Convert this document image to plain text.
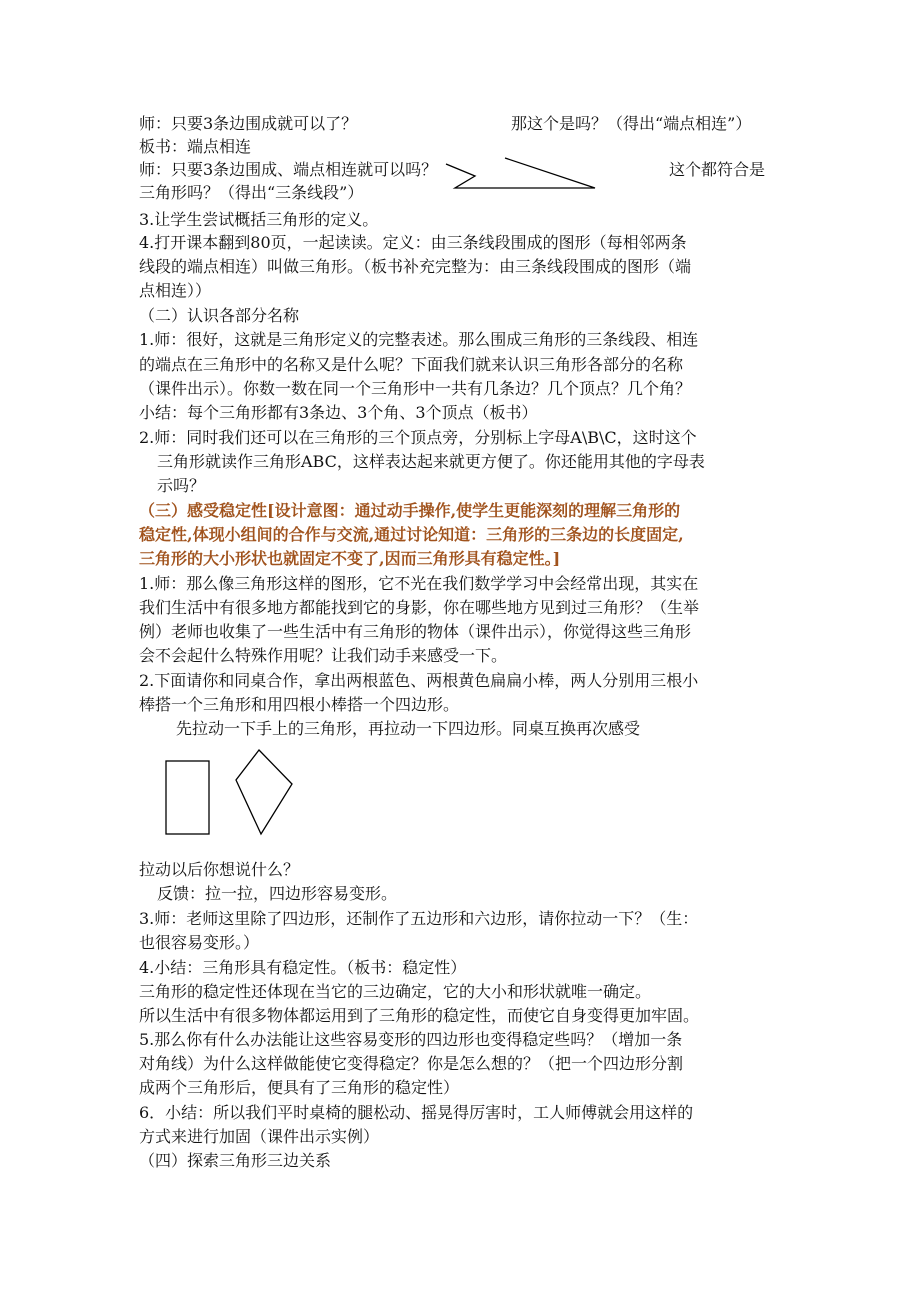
师：只要3条边围成就可以了？	那这个是吗？（得出“端点相连”）
板书：端点相连
师：只要3条边围成、端点相连就可以吗？	这个都符合是
三角形吗？（得出“三条线段”）
3.让学生尝试概括三角形的定义。
4.打开课本翻到80页，一起读读。定义：由三条线段围成的图形（每相邻两条
线段的端点相连）叫做三角形。（板书补充完整为：由三条线段围成的图形（端
点相连））
（二）认识各部分名称
1.师：很好，这就是三角形定义的完整表述。那么围成三角形的三条线段、相连
的端点在三角形中的名称又是什么呢？下面我们就来认识三角形各部分的名称
（课件出示）。你数一数在同一个三角形中一共有几条边？几个顶点？几个角？
小结：每个三角形都有3条边、3个角、3个顶点（板书）
2.师：同时我们还可以在三角形的三个顶点旁，分别标上字母A\B\C，这时这个
三角形就读作三角形ABC，这样表达起来就更方便了。你还能用其他的字母表
示吗？
（三）感受稳定性[设计意图：通过动手操作,使学生更能深刻的理解三角形的
稳定性,体现小组间的合作与交流,通过讨论知道：三角形的三条边的长度固定,
三角形的大小形状也就固定不变了,因而三角形具有稳定性。]
1.师：那么像三角形这样的图形，它不光在我们数学学习中会经常出现，其实在
我们生活中有很多地方都能找到它的身影，你在哪些地方见到过三角形？（生举
例）老师也收集了一些生活中有三角形的物体（课件出示），你觉得这些三角形
会不会起什么特殊作用呢？让我们动手来感受一下。
2.下面请你和同桌合作，拿出两根蓝色、两根黄色扁扁小棒，两人分别用三根小
棒搭一个三角形和用四根小棒搭一个四边形。
先拉动一下手上的三角形，再拉动一下四边形。同桌互换再次感受
拉动以后你想说什么？
反馈：拉一拉，四边形容易变形。
3.师：老师这里除了四边形，还制作了五边形和六边形，请你拉动一下？（生：
也很容易变形。）
4.小结：三角形具有稳定性。（板书：稳定性）
三角形的稳定性还体现在当它的三边确定，它的大小和形状就唯一确定。
所以生活中有很多物体都运用到了三角形的稳定性，而使它自身变得更加牢固。
5.那么你有什么办法能让这些容易变形的四边形也变得稳定些吗？（增加一条
对角线）为什么这样做能使它变得稳定？你是怎么想的？（把一个四边形分割
成两个三角形后，便具有了三角形的稳定性）
6．小结：所以我们平时桌椅的腿松动、摇晃得厉害时，工人师傅就会用这样的
方式来进行加固（课件出示实例）
（四）探索三角形三边关系
